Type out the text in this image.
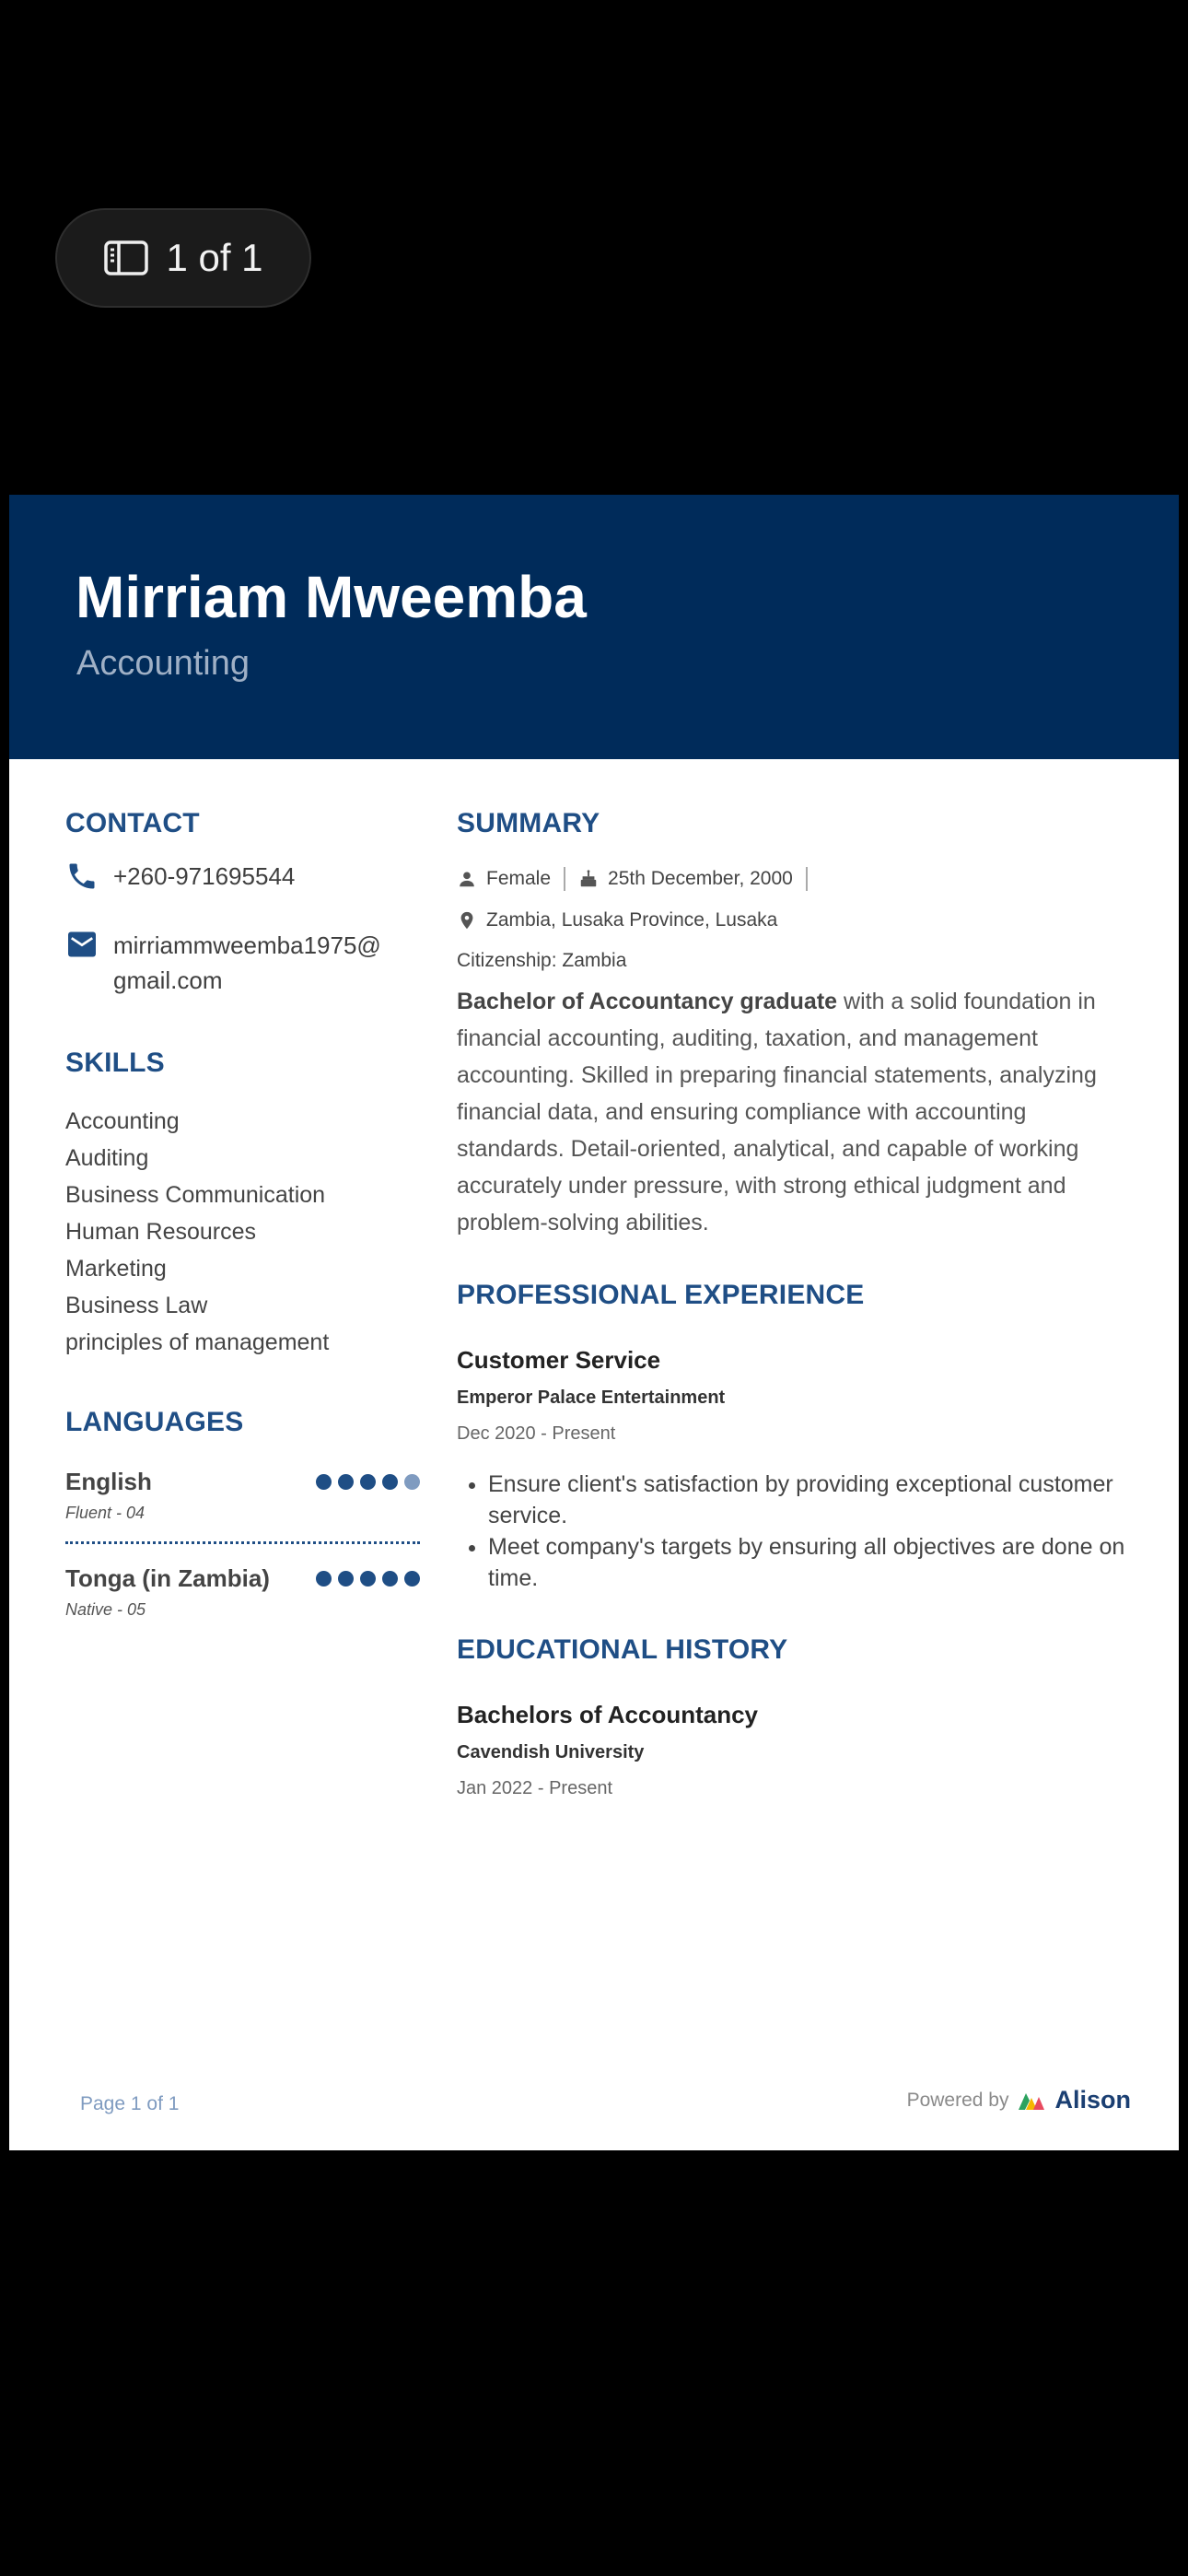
1 of 1
Mirriam Mweemba
Accounting
CONTACT
+260-971695544
mirriammweemba1975@gmail.com
SKILLS
Accounting
Auditing
Business Communication
Human Resources
Marketing
Business Law
principles of management
LANGUAGES
English
Fluent - 04
Tonga (in Zambia)
Native - 05
SUMMARY
Female	25th December, 2000
Zambia, Lusaka Province, Lusaka
Citizenship: Zambia
Bachelor of Accountancy graduate with a solid foundation in financial accounting, auditing, taxation, and management accounting. Skilled in preparing financial statements, analyzing financial data, and ensuring compliance with accounting standards. Detail-oriented, analytical, and capable of working accurately under pressure, with strong ethical judgment and problem-solving abilities.
PROFESSIONAL EXPERIENCE
Customer Service
Emperor Palace Entertainment
Dec 2020 - Present
• Ensure client's satisfaction by providing exceptional customer service.
• Meet company's targets by ensuring all objectives are done on time.
EDUCATIONAL HISTORY
Bachelors of Accountancy
Cavendish University
Jan 2022 - Present
Page 1 of 1	Powered by Alison
